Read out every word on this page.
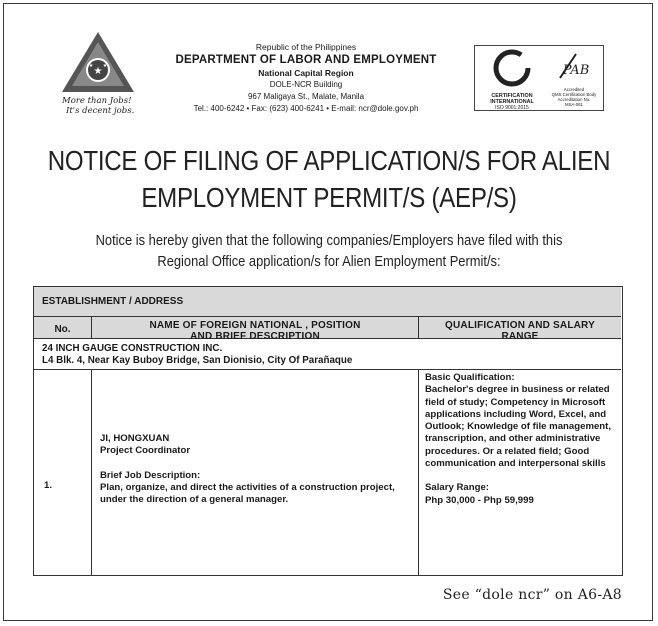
★
★ ★
More than Jobs!
It's decent jobs.
Republic of the Philippines
DEPARTMENT OF LABOR AND EMPLOYMENT
National Capital Region
DOLE-NCR Building
967 Maligaya St., Malate, Manila
Tel.: 400-6242 • Fax: (623) 400-6241 • E-mail: ncr@dole.gov.ph
CERTIFICATION
INTERNATIONAL
ISO 9001:2015
PAB
Accredited
QMS Certification Body
Accreditation No.
MSA-061
NOTICE OF FILING OF APPLICATION/S FOR ALIEN
EMPLOYMENT PERMIT/S (AEP/S)
Notice is hereby given that the following companies/Employers have filed with this
Regional Office application/s for Alien Employment Permit/s:
ESTABLISHMENT / ADDRESS
No.	NAME OF FOREIGN NATIONAL , POSITION
AND BRIEF DESCRIPTION
QUALIFICATION AND SALARY
RANGE
24 INCH GAUGE CONSTRUCTION INC.
L4 Blk. 4, Near Kay Buboy Bridge, San Dionisio, City Of Parañaque
1.
JI, HONGXUAN
Project Coordinator
Brief Job Description:
Plan, organize, and direct the activities of a construction project, under the direction of a general manager.
Basic Qualification:
Bachelor's degree in business or related field of study; Competency in Microsoft applications including Word, Excel, and Outlook; Knowledge of file management, transcription, and other administrative procedures. Or a related field; Good communication and interpersonal skills
Salary Range:
Php 30,000 - Php 59,999
See “dole ncr” on A6-A8
